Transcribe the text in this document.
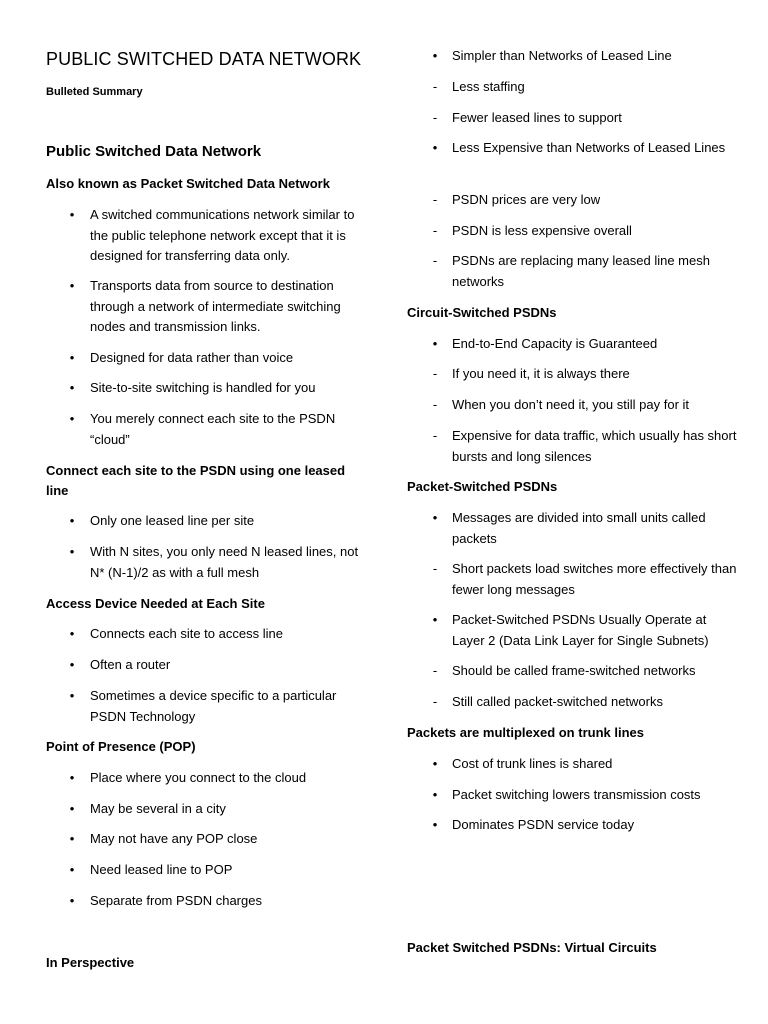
PUBLIC SWITCHED DATA NETWORK
Bulleted Summary
Public Switched Data Network
Also known as Packet Switched Data Network
• A switched communications network similar to the public telephone network except that it is designed for transferring data only.
• Transports data from source to destination through a network of intermediate switching nodes and transmission links.
• Designed for data rather than voice
• Site-to-site switching is handled for you
• You merely connect each site to the PSDN “cloud”
Connect each site to the PSDN using one leased line
• Only one leased line per site
• With N sites, you only need N leased lines, not N* (N-1)/2 as with a full mesh
Access Device Needed at Each Site
• Connects each site to access line
• Often a router
• Sometimes a device specific to a particular PSDN Technology
Point of Presence (POP)
• Place where you connect to the cloud
• May be several in a city
• May not have any POP close
• Need leased line to POP
• Separate from PSDN charges
In Perspective
• Simpler than Networks of Leased Line
- Less staffing
- Fewer leased lines to support
• Less Expensive than Networks of Leased Lines
- PSDN prices are very low
- PSDN is less expensive overall
- PSDNs are replacing many leased line mesh networks
Circuit-Switched PSDNs
• End-to-End Capacity is Guaranteed
- If you need it, it is always there
- When you don’t need it, you still pay for it
- Expensive for data traffic, which usually has short bursts and long silences
Packet-Switched PSDNs
• Messages are divided into small units called packets
- Short packets load switches more effectively than fewer long messages
• Packet-Switched PSDNs Usually Operate at Layer 2 (Data Link Layer for Single Subnets)
- Should be called frame-switched networks
- Still called packet-switched networks
Packets are multiplexed on trunk lines
• Cost of trunk lines is shared
• Packet switching lowers transmission costs
• Dominates PSDN service today
Packet Switched PSDNs: Virtual Circuits
